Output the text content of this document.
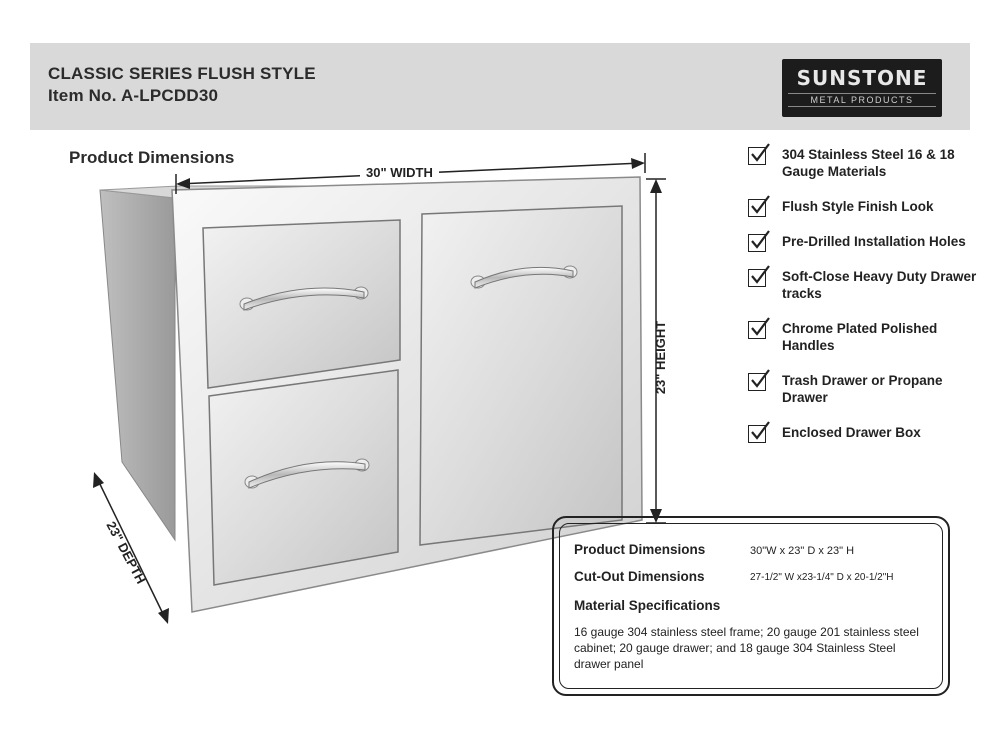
CLASSIC SERIES FLUSH STYLE
Item No. A-LPCDD30
SUNSTONE
METAL PRODUCTS
Product Dimensions
30" WIDTH
23" HEIGHT
23" DEPTH
304 Stainless Steel 16 & 18 Gauge Materials
Flush Style Finish Look
Pre-Drilled Installation Holes
Soft-Close Heavy Duty Drawer tracks
Chrome Plated Polished Handles
Trash Drawer or Propane Drawer
Enclosed Drawer Box
Product Dimensions	30"W x 23" D x 23" H
Cut-Out Dimensions	27-1/2" W x23-1/4" D x 20-1/2"H
Material Specifications
16 gauge 304 stainless steel frame; 20 gauge 201 stainless steel cabinet; 20 gauge drawer; and 18 gauge 304 Stainless Steel drawer panel
